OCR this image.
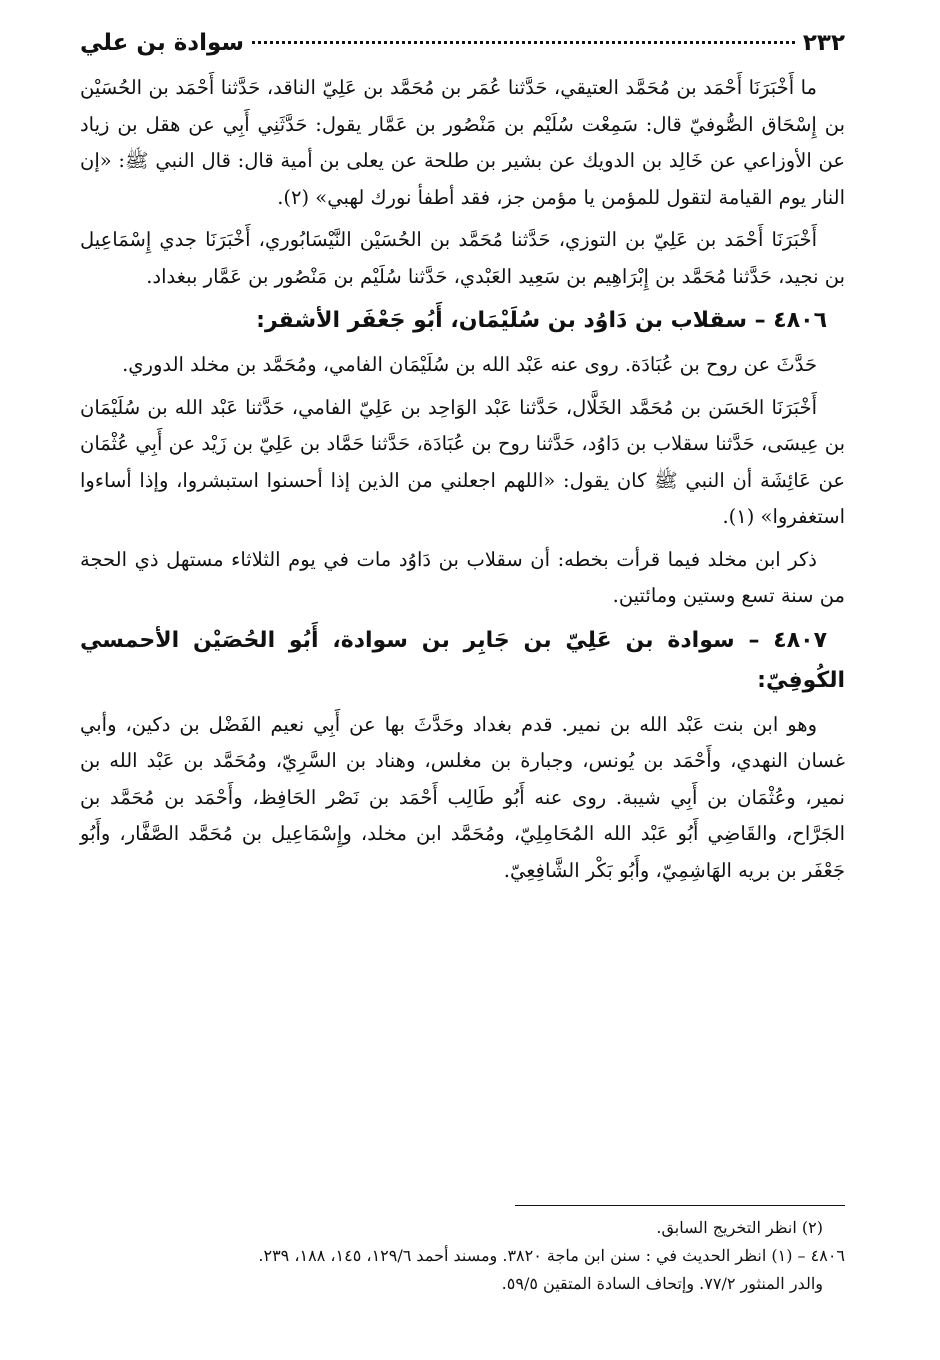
٢٣٢
سوادة بن علي

ما أَخْبَرَنَا أَحْمَد بن مُحَمَّد العتيقي، حَدَّثنا عُمَر بن مُحَمَّد بن عَلِيّ الناقد، حَدَّثنا أَحْمَد بن الحُسَيْن بن إِسْحَاق الصُّوفيّ قال: سَمِعْت سُلَيْم بن مَنْصُور بن عَمَّار يقول: حَدَّثَنِي أَبِي عن هقل بن زياد عن الأوزاعي عن خَالِد بن الدويك عن بشير بن طلحة عن يعلى بن أمية قال: قال النبي ﷺ: «إن النار يوم القيامة لتقول للمؤمن يا مؤمن جز، فقد أطفأ نورك لهبي» (٢).

أَخْبَرَنَا أَحْمَد بن عَلِيّ بن التوزي، حَدَّثنا مُحَمَّد بن الحُسَيْن النَّيْسَابُوري، أَخْبَرَنَا جدي إِسْمَاعِيل بن نجيد، حَدَّثنا مُحَمَّد بن إِبْرَاهِيم بن سَعِيد العَبْدي، حَدَّثنا سُلَيْم بن مَنْصُور بن عَمَّار ببغداد.

٤٨٠٦ – سقلاب بن دَاوُد بن سُلَيْمَان، أَبُو جَعْفَر الأشقر:

حَدَّثَ عن روح بن عُبَادَة. روى عنه عَبْد الله بن سُلَيْمَان الفامي، ومُحَمَّد بن مخلد الدوري.

أَخْبَرَنَا الحَسَن بن مُحَمَّد الخَلَّال، حَدَّثنا عَبْد الوَاحِد بن عَلِيّ الفامي، حَدَّثنا عَبْد الله بن سُلَيْمَان بن عِيسَى، حَدَّثنا سقلاب بن دَاوُد، حَدَّثنا روح بن عُبَادَة، حَدَّثنا حَمَّاد بن عَلِيّ بن زَيْد عن أَبِي عُثْمَان عن عَائِشَة أن النبي ﷺ كان يقول: «اللهم اجعلني من الذين إذا أحسنوا استبشروا، وإذا أساءوا استغفروا» (١).

ذكر ابن مخلد فيما قرأت بخطه: أن سقلاب بن دَاوُد مات في يوم الثلاثاء مستهل ذي الحجة من سنة تسع وستين ومائتين.

٤٨٠٧ – سوادة بن عَلِيّ بن جَابِر بن سوادة، أَبُو الحُصَيْن الأحمسي الكُوفِيّ:

وهو ابن بنت عَبْد الله بن نمير. قدم بغداد وحَدَّثَ بها عن أَبِي نعيم الفَضْل بن دكين، وأبي غسان النهدي، وأَحْمَد بن يُونس، وجبارة بن مغلس، وهناد بن السَّرِيّ، ومُحَمَّد بن عَبْد الله بن نمير، وعُثْمَان بن أَبِي شيبة. روى عنه أَبُو طَالِب أَحْمَد بن نَصْر الحَافِظ، وأَحْمَد بن مُحَمَّد بن الجَرَّاح، والقَاضِي أَبُو عَبْد الله المُحَامِلِيّ، ومُحَمَّد ابن مخلد، وإِسْمَاعِيل بن مُحَمَّد الصَّفَّار، وأَبُو جَعْفَر بن بريه الهَاشِمِيّ، وأَبُو بَكْر الشَّافِعِيّ.

(٢) انظر التخريج السابق.

٤٨٠٦ – (١) انظر الحديث في : سنن ابن ماجة ٣٨٢٠. ومسند أحمد ١٢٩/٦، ١٤٥، ١٨٨، ٢٣٩.

والدر المنثور ٧٧/٢. وإتحاف السادة المتقين ٥٩/٥.
